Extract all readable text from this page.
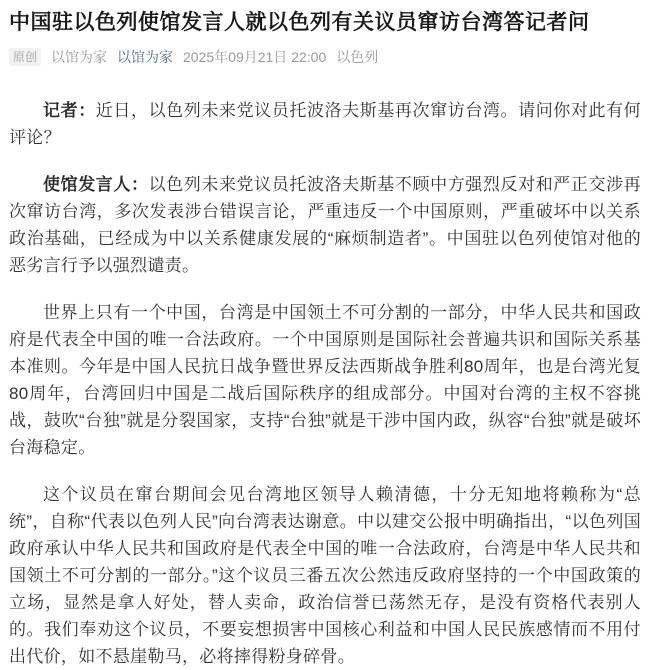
中国驻以色列使馆发言人就以色列有关议员窜访台湾答记者问
原创 以馆为家 以馆为家 2025年09月21日 22:00 以色列

记者：近日，以色列未来党议员托波洛夫斯基再次窜访台湾。请问你对此有何评论？

使馆发言人：以色列未来党议员托波洛夫斯基不顾中方强烈反对和严正交涉再次窜访台湾，多次发表涉台错误言论，严重违反一个中国原则，严重破坏中以关系政治基础，已经成为中以关系健康发展的“麻烦制造者”。中国驻以色列使馆对他的恶劣言行予以强烈谴责。

世界上只有一个中国，台湾是中国领土不可分割的一部分，中华人民共和国政府是代表全中国的唯一合法政府。一个中国原则是国际社会普遍共识和国际关系基本准则。今年是中国人民抗日战争暨世界反法西斯战争胜利80周年，也是台湾光复80周年，台湾回归中国是二战后国际秩序的组成部分。中国对台湾的主权不容挑战，鼓吹“台独”就是分裂国家，支持“台独”就是干涉中国内政，纵容“台独”就是破坏台海稳定。

这个议员在窜台期间会见台湾地区领导人赖清德，十分无知地将赖称为“总统”，自称“代表以色列人民”向台湾表达谢意。中以建交公报中明确指出，“以色列国政府承认中华人民共和国政府是代表全中国的唯一合法政府，台湾是中华人民共和国领土不可分割的一部分。”这个议员三番五次公然违反政府坚持的一个中国政策的立场，显然是拿人好处，替人卖命，政治信誉已荡然无存，是没有资格代表别人的。我们奉劝这个议员，不要妄想损害中国核心利益和中国人民民族感情而不用付出代价，如不悬崖勒马，必将摔得粉身碎骨。
